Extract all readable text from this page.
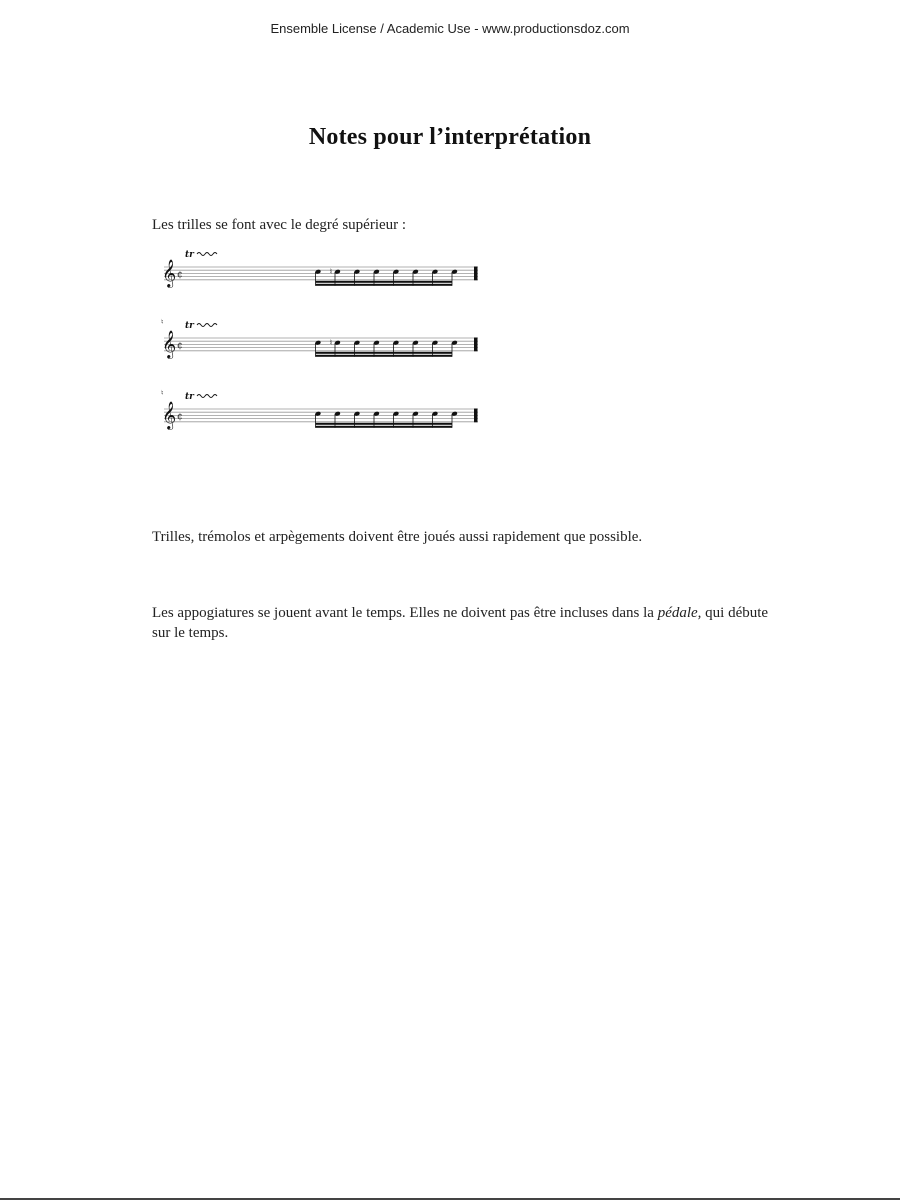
Ensemble License / Academic Use - www.productionsdoz.com
Notes pour l’interprétation
Les trilles se font avec le degré supérieur :
𝄞 ¢
tr
♮
𝄞 ¢
♮ tr
♮
𝄞 ¢
♮ tr
Trilles, trémolos et arpègements doivent être joués aussi rapidement que possible.
Les appogiatures se jouent avant le temps. Elles ne doivent pas être incluses dans la pédale, qui débute sur le temps.
